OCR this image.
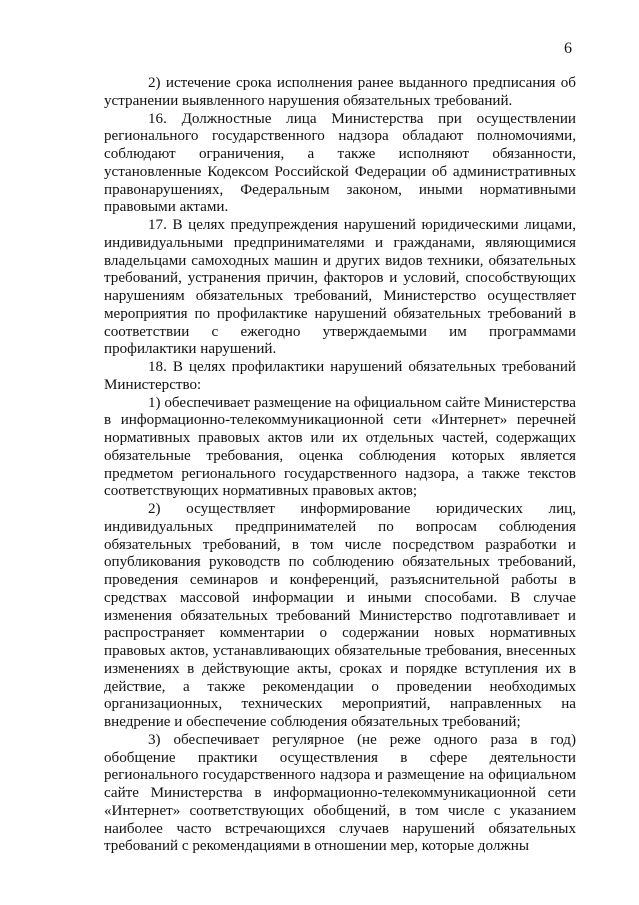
6

2) истечение срока исполнения ранее выданного предписания об устранении выявленного нарушения обязательных требований.

16. Должностные лица Министерства при осуществлении регионального государственного надзора обладают полномочиями, соблюдают ограничения, а также исполняют обязанности, установленные Кодексом Российской Федерации об административных правонарушениях, Федеральным законом, иными нормативными правовыми актами.

17. В целях предупреждения нарушений юридическими лицами, индивидуальными предпринимателями и гражданами, являющимися владельцами самоходных машин и других видов техники, обязательных требований, устранения причин, факторов и условий, способствующих нарушениям обязательных требований, Министерство осуществляет мероприятия по профилактике нарушений обязательных требований в соответствии с ежегодно утверждаемыми им программами профилактики нарушений.

18. В целях профилактики нарушений обязательных требований Министерство:

1) обеспечивает размещение на официальном сайте Министерства в информационно-телекоммуникационной сети «Интернет» перечней нормативных правовых актов или их отдельных частей, содержащих обязательные требования, оценка соблюдения которых является предметом регионального государственного надзора, а также текстов соответствующих нормативных правовых актов;

2) осуществляет информирование юридических лиц, индивидуальных предпринимателей по вопросам соблюдения обязательных требований, в том числе посредством разработки и опубликования руководств по соблюдению обязательных требований, проведения семинаров и конференций, разъяснительной работы в средствах массовой информации и иными способами. В случае изменения обязательных требований Министерство подготавливает и распространяет комментарии о содержании новых нормативных правовых актов, устанавливающих обязательные требования, внесенных изменениях в действующие акты, сроках и порядке вступления их в действие, а также рекомендации о проведении необходимых организационных, технических мероприятий, направленных на внедрение и обеспечение соблюдения обязательных требований;

3) обеспечивает регулярное (не реже одного раза в год) обобщение практики осуществления в сфере деятельности регионального государственного надзора и размещение на официальном сайте Министерства в информационно-телекоммуникационной сети «Интернет» соответствующих обобщений, в том числе с указанием наиболее часто встречающихся случаев нарушений обязательных требований с рекомендациями в отношении мер, которые должны
